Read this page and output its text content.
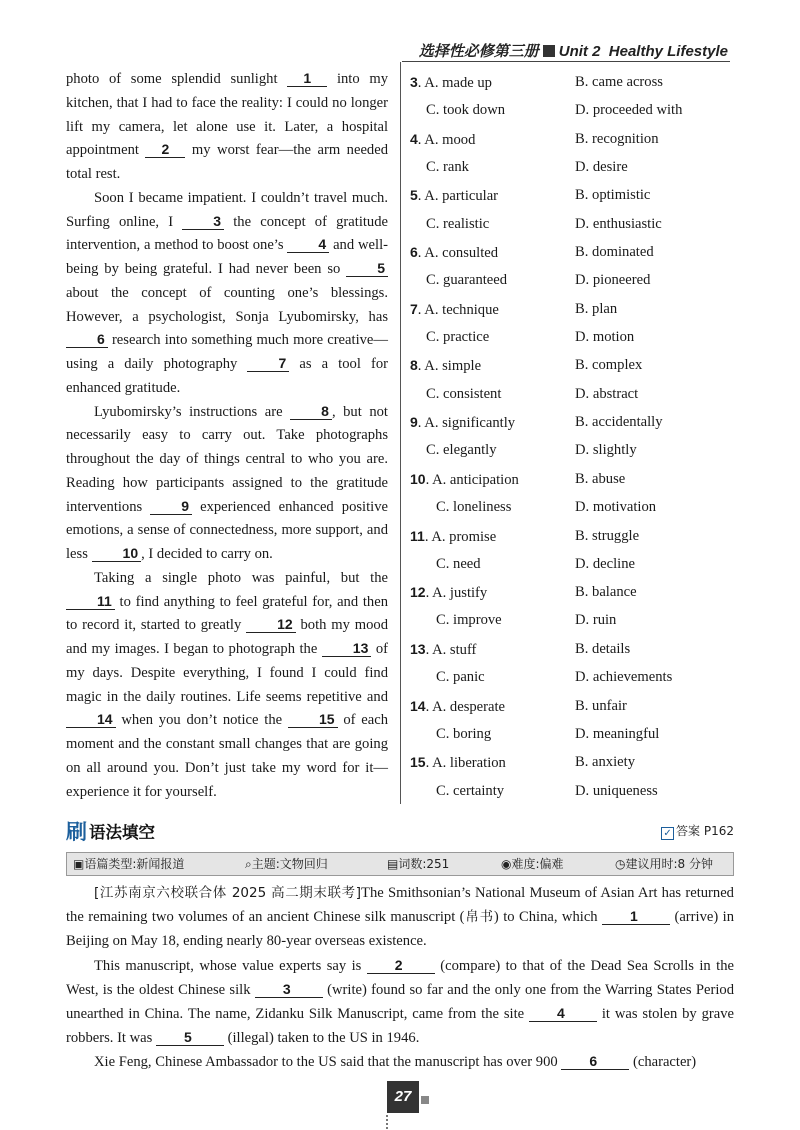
选择性必修第三册 Unit 2 Healthy Lifestyle

photo of some splendid sunlight 1 into my kitchen, that I had to face the reality: I could no longer lift my camera, let alone use it. Later, a hospital appointment 2 my worst fear—the arm needed total rest.

Soon I became impatient. I couldn’t travel much. Surfing online, I 3 the concept of gratitude intervention, a method to boost one’s 4 and well-being by being grateful. I had never been so 5 about the concept of counting one’s blessings. However, a psychologist, Sonja Lyubomirsky, has 6 research into something much more creative—using a daily photography 7 as a tool for enhanced gratitude.

Lyubomirsky’s instructions are 8 , but not necessarily easy to carry out. Take photographs throughout the day of things central to who you are. Reading how participants assigned to the gratitude interventions 9 experienced enhanced positive emotions, a sense of connectedness, more support, and less 10 , I decided to carry on.

Taking a single photo was painful, but the 11 to find anything to feel grateful for, and then to record it, started to greatly 12 both my mood and my images. I began to photograph the 13 of my days. Despite everything, I found I could find magic in the daily routines. Life seems repetitive and 14 when you don’t notice the 15 of each moment and the constant small changes that are going on all around you. Don’t just take my word for it—experience it for yourself.

3. A. made up	B. came across
C. took down	D. proceeded with
4. A. mood	B. recognition
C. rank	D. desire
5. A. particular	B. optimistic
C. realistic	D. enthusiastic
6. A. consulted	B. dominated
C. guaranteed	D. pioneered
7. A. technique	B. plan
C. practice	D. motion
8. A. simple	B. complex
C. consistent	D. abstract
9. A. significantly	B. accidentally
C. elegantly	D. slightly
10. A. anticipation	B. abuse
C. loneliness	D. motivation
11. A. promise	B. struggle
C. need	D. decline
12. A. justify	B. balance
C. improve	D. ruin
13. A. stuff	B. details
C. panic	D. achievements
14. A. desperate	B. unfair
C. boring	D. meaningful
15. A. liberation	B. anxiety
C. certainty	D. uniqueness
刷 语法填空	✓ 答案 P162
▣ 语篇类型:新闻报道	⌕ 主题:文物回归	▤ 词数:251	◉ 难度:偏难	◷ 建议用时:8 分钟

[江苏南京六校联合体 2025 高二期末联考]The Smithsonian’s National Museum of Asian Art has returned the remaining two volumes of an ancient Chinese silk manuscript (帛书) to China, which 1 (arrive) in Beijing on May 18, ending nearly 80-year overseas existence.

This manuscript, whose value experts say is 2 (compare) to that of the Dead Sea Scrolls in the West, is the oldest Chinese silk 3 (write) found so far and the only one from the Warring States Period unearthed in China. The name, Zidanku Silk Manuscript, came from the site 4 it was stolen by grave robbers. It was 5 (illegal) taken to the US in 1946.

Xie Feng, Chinese Ambassador to the US said that the manuscript has over 900 6 (character)

27
